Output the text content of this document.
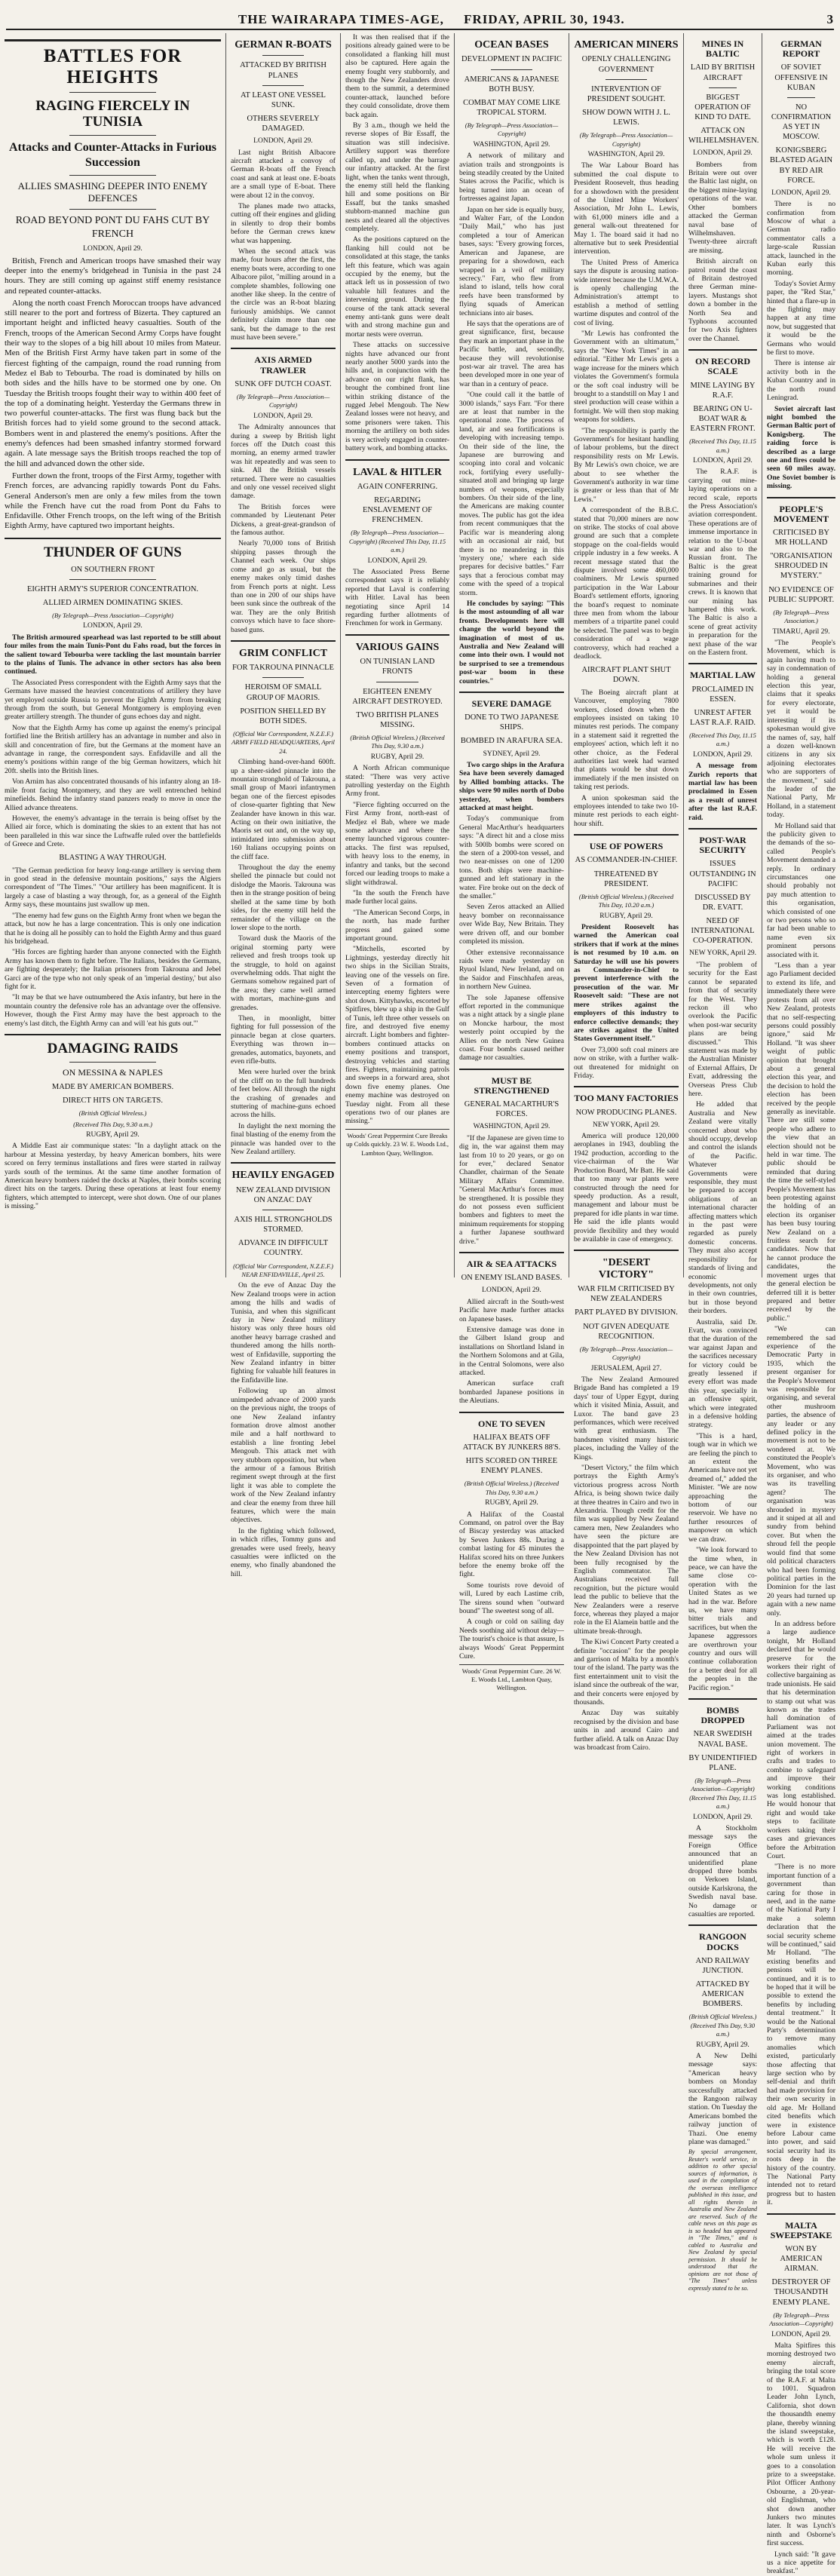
THE WAIRARAPA TIMES-AGE, FRIDAY, APRIL 30, 1943.	3
BATTLES FOR HEIGHTS
RAGING FIERCELY IN TUNISIA
Attacks and Counter-Attacks in Furious Succession
ALLIES SMASHING DEEPER INTO ENEMY DEFENCES
ROAD BEYOND PONT DU FAHS CUT BY FRENCH
LONDON, April 29.

British, French and American troops have smashed their way deeper into the enemy's bridgehead in Tunisia in the past 24 hours. They are still coming up against stiff enemy resistance and repeated counter-attacks.

Along the north coast French Moroccan troops have advanced still nearer to the port and fortress of Bizerta. They captured an important height and inflicted heavy casualties. South of the French, troops of the American Second Army Corps have fought their way to the slopes of a big hill about 10 miles from Mateur. Men of the British First Army have taken part in some of the fiercest fighting of the campaign, round the road running from Medez el Bab to Tebourba. The road is dominated by hills on both sides and the hills have to be stormed one by one. On Tuesday the British troops fought their way to within 400 feet of the top of a dominating height. Yesterday the Germans threw in two powerful counter-attacks. The first was flung back but the British forces had to yield some ground to the second attack. Bombers went in and plastered the enemy's positions. After the enemy's defences had been smashed infantry stormed forward again. A late message says the British troops reached the top of the hill and advanced down the other side.

Further down the front, troops of the First Army, together with French forces, are advancing rapidly towards Pont du Fahs. General Anderson's men are only a few miles from the town while the French have cut the road from Pont du Fahs to Enfidaville. Other French troops, on the left wing of the British Eighth Army, have captured two important heights.

THUNDER OF GUNS
ON SOUTHERN FRONT
EIGHTH ARMY'S SUPERIOR CONCENTRATION.
ALLIED AIRMEN DOMINATING SKIES.
(By Telegraph—Press Association—Copyright)
LONDON, April 29.

The British armoured spearhead was last reported to be still about four miles from the main Tunis-Pont du Fahs road, but the forces in the salient toward Tebourba were tackling the last mountain barrier to the plains of Tunis. The advance in other sectors has also been continued.

The Associated Press correspondent with the Eighth Army says that the Germans have massed the heaviest concentrations of artillery they have yet employed outside Russia to prevent the Eighth Army from breaking through from the south, but General Montgomery is employing even greater artillery strength. The thunder of guns echoes day and night.

Now that the Eighth Army has come up against the enemy's principal fortified line the British artillery has an advantage in number and also in skill and concentration of fire, but the Germans at the moment have an advantage in range, the correspondent says. Enfidaville and all the enemy's positions within range of the big German howitzers, which hit 20ft. shells into the British lines.

Von Arnim has also concentrated thousands of his infantry along an 18-mile front facing Montgomery, and they are well entrenched behind minefields. Behind the infantry stand panzers ready to move in once the Allied advance threatens.

However, the enemy's advantage in the terrain is being offset by the Allied air force, which is dominating the skies to an extent that has not been paralleled in this war since the Luftwaffe ruled over the battlefields of Greece and Crete.

BLASTING A WAY THROUGH.

"The German prediction for heavy long-range artillery is serving them in good stead in the defensive mountain positions," says the Algiers correspondent of "The Times." "Our artillery has been magnificent. It is largely a case of blasting a way through, for, as a general of the Eighth Army says, these mountains just swallow up men.

"The enemy had few guns on the Eighth Army front when we began the attack, but now he has a large concentration. This is only one indication that he is doing all he possibly can to hold the Eighth Army and thus guard his bridgehead.

"His forces are fighting harder than anyone connected with the Eighth Army has known them to fight before. The Italians, besides the Germans, are fighting desperately; the Italian prisoners from Takrouna and Jebel Garci are of the type who not only speak of an 'imperial destiny,' but also fight for it.

"It may be that we have outnumbered the Axis infantry, but here in the mountain country the defensive role has an advantage over the offensive. However, though the First Army may have the best approach to the enemy's last ditch, the Eighth Army can and will 'eat his guts out.'"

DAMAGING RAIDS
ON MESSINA & NAPLES
MADE BY AMERICAN BOMBERS.
DIRECT HITS ON TARGETS.
(British Official Wireless.)
(Received This Day, 9.30 a.m.)
RUGBY, April 29.

A Middle East air communique states: "In a daylight attack on the harbour at Messina yesterday, by heavy American bombers, hits were scored on ferry terminus installations and fires were started in railway yards south of the terminus. At the same time another formation of American heavy bombers raided the docks at Naples, their bombs scoring direct hits on the targets. During these operations at least four enemy fighters, which attempted to intercept, were shot down. One of our planes is missing."

GERMAN R-BOATS
ATTACKED BY BRITISH PLANES
AT LEAST ONE VESSEL SUNK.
OTHERS SEVERELY DAMAGED.
LONDON, April 29.

Last night British Albacore aircraft attacked a convoy of German R-boats off the French coast and sank at least one. E-boats are a small type of E-boat. There were about 12 in the convoy.

The planes made two attacks, cutting off their engines and gliding in silently to drop their bombs before the German crews knew what was happening.

When the second attack was made, four hours after the first, the enemy boats were, according to one Albacore pilot, "milling around in a complete shambles, following one another like sheep. In the centre of the circle was an R-boat blazing furiously amidships. We cannot definitely claim more than one sank, but the damage to the rest must have been severe."

AXIS ARMED TRAWLER
SUNK OFF DUTCH COAST.
(By Telegraph—Press Association—Copyright)
LONDON, April 29.

The Admiralty announces that during a sweep by British light forces off the Dutch coast this morning, an enemy armed trawler was hit repeatedly and was seen to sink. All the British vessels returned. There were no casualties and only one vessel received slight damage.

The British forces were commanded by Lieutenant Peter Dickens, a great-great-grandson of the famous author.

Nearly 70,000 tons of British shipping passes through the Channel each week. Our ships come and go as usual, but the enemy makes only timid dashes from French ports at night. Less than one in 200 of our ships have been sunk since the outbreak of the war. They are the only British convoys which have to face shore-based guns.

GRIM CONFLICT
FOR TAKROUNA PINNACLE
HEROISM OF SMALL GROUP OF MAORIS.
POSITION SHELLED BY BOTH SIDES.
(Official War Correspondent, N.Z.E.F.) ARMY FIELD HEADQUARTERS, April 24.

Climbing hand-over-hand 600ft. up a sheer-sided pinnacle into the mountain stronghold of Takrouna, a small group of Maori infantrymen began one of the fiercest episodes of close-quarter fighting that New Zealander have known in this war. Acting on their own initiative, the Maoris set out and, on the way up, intimidated into submission about 160 Italians occupying points on the cliff face.

Throughout the day the enemy shelled the pinnacle but could not dislodge the Maoris. Takrouna was then in the strange position of being shelled at the same time by both sides, for the enemy still held the remainder of the village on the lower slope to the north.

Toward dusk the Maoris of the original storming party were relieved and fresh troops took up the struggle, to hold on against overwhelming odds. That night the Germans somehow regained part of the area; they came well armed with mortars, machine-guns and grenades.

Then, in moonlight, bitter fighting for full possession of the pinnacle began at close quarters. Everything was thrown in—grenades, automatics, bayonets, and even rifle-butts.

Men were hurled over the brink of the cliff on to the full hundreds of feet below. All through the night the crashing of grenades and stuttering of machine-guns echoed across the hills.

In daylight the next morning the final blasting of the enemy from the pinnacle was handed over to the New Zealand artillery.

HEAVILY ENGAGED
NEW ZEALAND DIVISION ON ANZAC DAY
AXIS HILL STRONGHOLDS STORMED.
ADVANCE IN DIFFICULT COUNTRY.
(Official War Correspondent, N.Z.E.F.) NEAR ENFIDAVILLE, April 25.

On the eve of Anzac Day the New Zealand troops were in action among the hills and wadis of Tunisia, and when this significant day in New Zealand military history was only three hours old another heavy barrage crashed and thundered among the hills north-west of Enfidaville, supporting the New Zealand infantry in bitter fighting for valuable hill features in the Enfidaville line.

Following up an almost unimpeded advance of 2000 yards on the previous night, the troops of one New Zealand infantry formation drove almost another mile and a half northward to establish a line fronting Jebel Mengoub. This attack met with very stubborn opposition, but when the armour of a famous British regiment swept through at the first light it was able to complete the work of the New Zealand infantry and clear the enemy from three hill features, which were the main objectives.

In the fighting which followed, in which rifles, Tommy guns and grenades were used freely, heavy casualties were inflicted on the enemy, who finally abandoned the hill.

It was then realised that if the positions already gained were to be consolidated a flanking hill must also be captured. Here again the enemy fought very stubbornly, and though the New Zealanders drove them to the summit, a determined counter-attack, launched before they could consolidate, drove them back again.

By 3 a.m., though we held the reverse slopes of Bir Essaff, the situation was still indecisive. Artillery support was therefore called up, and under the barrage our infantry attacked. At the first light, when the tanks went through, the enemy still held the flanking hill and some positions on Bir Essaff, but the tanks smashed stubborn-manned machine gun nests and cleared all the objectives completely.

As the positions captured on the flanking hill could not be consolidated at this stage, the tanks left this feature, which was again occupied by the enemy, but the attack left us in possession of two valuable hill features and the intervening ground. During the course of the tank attack several enemy anti-tank guns were dealt with and strong machine gun and mortar nests were overrun.

These attacks on successive nights have advanced our front nearly another 5000 yards into the hills and, in conjunction with the advance on our right flank, has brought the combined front line within striking distance of the rugged Jebel Mengoub. The New Zealand losses were not heavy, and some prisoners were taken. This morning the artillery on both sides is very actively engaged in counter-battery work, and bombing attacks.

LAVAL & HITLER
AGAIN CONFERRING.
REGARDING ENSLAVEMENT OF FRENCHMEN.
(By Telegraph—Press Association—Copyright) (Received This Day, 11.15 a.m.)
LONDON, April 29.

The Associated Press Berne correspondent says it is reliably reported that Laval is conferring with Hitler. Laval has been negotiating since April 14 regarding further allotments of Frenchmen for work in Germany.

VARIOUS GAINS
ON TUNISIAN LAND FRONTS
EIGHTEEN ENEMY AIRCRAFT DESTROYED.
TWO BRITISH PLANES MISSING.
(British Official Wireless.) (Received This Day, 9.30 a.m.)
RUGBY, April 29.

A North African communique stated: "There was very active patrolling yesterday on the Eighth Army front.

"Fierce fighting occurred on the First Army front, north-east of Medjez el Bab, where we made some advance and where the enemy launched vigorous counter-attacks. The first was repulsed, with heavy loss to the enemy, in infantry and tanks, but the second forced our leading troops to make a slight withdrawal.

"In the south the French have made further local gains.

"The American Second Corps, in the north, has made further progress and gained some important ground.

"Mitchells, escorted by Lightnings, yesterday directly hit two ships in the Sicilian Straits, leaving one of the vessels on fire. Seven of a formation of intercepting enemy fighters were shot down. Kittyhawks, escorted by Spitfires, blew up a ship in the Gulf of Tunis, left three other vessels on fire, and destroyed five enemy aircraft. Light bombers and fighter-bombers continued attacks on enemy positions and transport, destroying vehicles and starting fires. Fighters, maintaining patrols and sweeps in a forward area, shot down five enemy planes. One enemy machine was destroyed on Tuesday night. From all these operations two of our planes are missing."

Woods' Great Peppermint Cure Breaks up Colds quickly. 23 W. E. Woods Ltd., Lambton Quay, Wellington.
OCEAN BASES
DEVELOPMENT IN PACIFIC
AMERICANS & JAPANESE BOTH BUSY.
COMBAT MAY COME LIKE TROPICAL STORM.
(By Telegraph—Press Association—Copyright)
WASHINGTON, April 29.

A network of military and aviation trails and strongpoints is being steadily created by the United States across the Pacific, which is being turned into an ocean of fortresses against Japan.

Japan on her side is equally busy, and Walter Farr, of the London "Daily Mail," who has just completed a tour of American bases, says: "Every growing forces, American and Japanese, are preparing for a showdown, each wrapped in a veil of military secrecy." Farr, who flew from island to island, tells how coral reefs have been transformed by flying squads of American technicians into air bases.

He says that the operations are of great significance, first, because they mark an important phase in the Pacific battle, and, secondly, because they will revolutionise post-war air travel. The area has been developed more in one year of war than in a century of peace.

"One could call it the battle of 3000 islands," says Farr. "For there are at least that number in the operational zone. The process of land, air and sea fortifications is developing with increasing tempo. On their side of the line, the Japanese are burrowing and scooping into coral and volcanic rock, fortifying every usefully-situated atoll and bringing up large numbers of weapons, especially bombers. On their side of the line, the Americans are making counter moves. The public has got the idea from recent communiques that the Pacific war is meandering along with an occasional air raid, but there is no meandering in this 'mystery one,' where each side prepares for decisive battles." Farr says that a ferocious combat may come with the speed of a tropical storm.

He concludes by saying: "This is the most astounding of all war fronts. Developments here will change the world beyond the imagination of most of us. Australia and New Zealand will come into their own. I would not be surprised to see a tremendous post-war boom in these countries."

SEVERE DAMAGE
DONE TO TWO JAPANESE SHIPS.
BOMBED IN ARAFURA SEA.
SYDNEY, April 29.

Two cargo ships in the Arafura Sea have been severely damaged by Allied bombing attacks. The ships were 90 miles north of Dobo yesterday, when bombers attacked at mast height.

Today's communique from General MacArthur's headquarters says: "A direct hit and a close miss with 500lb bombs were scored on the stern of a 2000-ton vessel, and two near-misses on one of 1200 tons. Both ships were machine-gunned and left stationary in the water. Fire broke out on the deck of the smaller."

Seven Zeros attacked an Allied heavy bomber on reconnaissance over Wide Bay, New Britain. They were driven off, and our bomber completed its mission.

Other extensive reconnaissance raids were made yesterday on Ryuol Island, New Ireland, and on the Saidor and Finschhafen areas, in northern New Guinea.

The sole Japanese offensive effort reported in the communique was a night attack by a single plane on Moncke harbour, the most westerly point occupied by the Allies on the north New Guinea coast. Four bombs caused neither damage nor casualties.

MUST BE STRENGTHENED
GENERAL MACARTHUR'S FORCES.
WASHINGTON, April 29.

"If the Japanese are given time to dig in, the war against them may last from 10 to 20 years, or go on for ever," declared Senator Chandler, chairman of the Senate Military Affairs Committee. "General MacArthur's forces must be strengthened. It is possible they do not possess even sufficient bombers and fighters to meet the minimum requirements for stopping a further Japanese southward drive."

AIR & SEA ATTACKS
ON ENEMY ISLAND BASES.
LONDON, April 29.

Allied aircraft in the South-west Pacific have made further attacks on Japanese bases.

Extensive damage was done in the Gilbert Island group and installations on Shortland Island in the Northern Solomons and at Gila, in the Central Solomons, were also attacked.

American surface craft bombarded Japanese positions in the Aleutians.

ONE TO SEVEN
HALIFAX BEATS OFF ATTACK BY JUNKERS 88'S.
HITS SCORED ON THREE ENEMY PLANES.
(British Official Wireless.) (Received This Day, 9.30 a.m.)
RUGBY, April 29.

A Halifax of the Coastal Command, on patrol over the Bay of Biscay yesterday was attacked by Seven Junkers 88s. During a combat lasting for 45 minutes the Halifax scored hits on three Junkers before the enemy broke off the fight.

Some tourists rove devoid of will, Lured by each Lastime crib, The sirens sound when "outward bound" The sweetest song of all.

A cough or cold on sailing day Needs soothing aid without delay— The tourist's choice is that assure, Is always Woods' Great Peppermint Cure.

Woods' Great Peppermint Cure. 26 W. E. Woods Ltd., Lambton Quay, Wellington.
AMERICAN MINERS
OPENLY CHALLENGING GOVERNMENT
INTERVENTION OF PRESIDENT SOUGHT.
SHOW DOWN WITH J. L. LEWIS.
(By Telegraph—Press Association—Copyright)
WASHINGTON, April 29.

The War Labour Board has submitted the coal dispute to President Roosevelt, thus heading for a showdown with the president of the United Mine Workers' Association, Mr John L. Lewis, with 61,000 miners idle and a general walk-out threatened for May 1. The board said it had no alternative but to seek Presidential intervention.

The United Press of America says the dispute is arousing nation-wide interest because the U.M.W.A. is openly challenging the Administration's attempt to establish a method of settling wartime disputes and control of the cost of living.

"Mr Lewis has confronted the Government with an ultimatum," says the "New York Times" in an editorial. "Either Mr Lewis gets a wage increase for the miners which violates the Government's formula or the soft coal industry will be brought to a standstill on May 1 and steel production will cease within a fortnight. We will then stop making weapons for soldiers.

"The responsibility is partly the Government's for hesitant handling of labour problems, but the direct responsibility rests on Mr Lewis. By Mr Lewis's own choice, we are about to see whether the Government's authority in war time is greater or less than that of Mr Lewis."

A correspondent of the B.B.C. stated that 70,000 miners are now on strike. The stocks of coal above ground are such that a complete stoppage on the coal-fields would cripple industry in a few weeks. A recent message stated that the dispute involved some 460,000 coalminers. Mr Lewis spurned participation in the War Labour Board's settlement efforts, ignoring the board's request to nominate three men from whom the labour members of a tripartite panel could be selected. The panel was to begin consideration of a wage controversy, which had reached a deadlock.

AIRCRAFT PLANT SHUT DOWN.

The Boeing aircraft plant at Vancouver, employing 7800 workers, closed down when the employees insisted on taking 10 minutes rest periods. The company in a statement said it regretted the employees' action, which left it no other choice, as the Federal authorities last week had warned that plants would be shut down immediately if the men insisted on taking rest periods.

A union spokesman said the employees intended to take two 10-minute rest periods to each eight-hour shift.

USE OF POWERS
AS COMMANDER-IN-CHIEF.
THREATENED BY PRESIDENT.
(British Official Wireless.) (Received This Day, 10.20 a.m.)
RUGBY, April 29.

President Roosevelt has warned the American coal strikers that if work at the mines is not resumed by 10 a.m. on Saturday he will use his powers as Commander-in-Chief to prevent interference with the prosecution of the war. Mr Roosevelt said: "These are not mere strikes against the employers of this industry to enforce collective demands; they are strikes against the United States Government itself."

Over 73,000 soft coal miners are now on strike, with a further walk-out threatened for midnight on Friday.

TOO MANY FACTORIES
NOW PRODUCING PLANES.
NEW YORK, April 29.

America will produce 120,000 aeroplanes in 1943, doubling the 1942 production, according to the vice-chairman of the War Production Board, Mr Batt. He said that too many war plants were constructed through the need for speedy production. As a result, management and labour must be prepared for idle plants in war time. He said the idle plants would provide flexibility and they would be available in case of emergency.

"DESERT VICTORY"
WAR FILM CRITICISED BY NEW ZEALANDERS
PART PLAYED BY DIVISION.
NOT GIVEN ADEQUATE RECOGNITION.
(By Telegraph—Press Association—Copyright)
JERUSALEM, April 27.

The New Zealand Armoured Brigade Band has completed a 19 days' tour of Upper Egypt, during which it visited Minia, Assuit, and Luxor. The band gave 23 performances, which were received with great enthusiasm. The bandsmen visited many historic places, including the Valley of the Kings.

"Desert Victory," the film which portrays the Eighth Army's victorious progress across North Africa, is being shown twice daily at three theatres in Cairo and two in Alexandria. Though credit for the film was supplied by New Zealand camera men, New Zealanders who have seen the picture are disappointed that the part played by the New Zealand Division has not been fully recognised by the English commentator. The Australians received full recognition, but the picture would lead the public to believe that the New Zealanders were a reserve force, whereas they played a major role in the El Alamein battle and the ultimate break-through.

The Kiwi Concert Party created a definite "occasion" for the people and garrison of Malta by a month's tour of the island. The party was the first entertainment unit to visit the island since the outbreak of the war, and their concerts were enjoyed by thousands.

Anzac Day was suitably recognised by the division and base units in and around Cairo and further afield. A talk on Anzac Day was broadcast from Cairo.

MINES IN BALTIC
LAID BY BRITISH AIRCRAFT
BIGGEST OPERATION OF KIND TO DATE.
ATTACK ON WILHELMSHAVEN.
LONDON, April 29.

Bombers from Britain were out over the Baltic last night, on the biggest mine-laying operations of the war. Other bombers attacked the German naval base of Wilhelmshaven. Twenty-three aircraft are missing.

British aircraft on patrol round the coast of Britain destroyed three German mine-layers. Mustangs shot down a bomber in the North Sea and Typhoons accounted for two Axis fighters over the Channel.

ON RECORD SCALE
MINE LAYING BY R.A.F.
BEARING ON U-BOAT WAR & EASTERN FRONT.
(Received This Day, 11.15 a.m.)
LONDON, April 29.

The R.A.F. is carrying out mine-laying operations on a record scale, reports the Press Association's aviation correspondent. These operations are of immense importance in relation to the U-boat war and also to the Russian front. The Baltic is the great training ground for submarines and their crews. It is known that our mining has hampered this work. The Baltic is also a scene of great activity in preparation for the next phase of the war on the Eastern front.

MARTIAL LAW
PROCLAIMED IN ESSEN.
UNREST AFTER LAST R.A.F. RAID.
(Received This Day, 11.15 a.m.)
LONDON, April 29.

A message from Zurich reports that martial law has been proclaimed in Essen as a result of unrest after the last R.A.F. raid.

POST-WAR SECURITY
ISSUES OUTSTANDING IN PACIFIC
DISCUSSED BY DR. EVATT.
NEED OF INTERNATIONAL CO-OPERATION.
NEW YORK, April 29.

"The problem of security for the East cannot be separated from that of security for the West. They reckon ill who overlook the Pacific when post-war security plans are being discussed." This statement was made by the Australian Minister of External Affairs, Dr Evatt, addressing the Overseas Press Club here.

He added that Australia and New Zealand were vitally concerned about who should occupy, develop and control the islands of the Pacific. Whatever Governments were responsible, they must be prepared to accept obligations of an international character affecting matters which in the past were regarded as purely domestic concerns. They must also accept responsibility for standards of living and economic developments, not only in their own countries, but in those beyond their borders.

Australia, said Dr. Evatt, was convinced that the duration of the war against Japan and the sacrifices necessary for victory could be greatly lessened if every effort was made this year, specially in an offensive spirit, which were integrated in a defensive holding strategy.

"This is a hard, tough war in which we are feeling the pinch to an extent the Americans have not yet dreamed of," added the Minister. "We are now approaching the bottom of our reservoir. We have no further resources of manpower on which we can draw.

"We look forward to the time when, in peace, we can have the same close co-operation with the United States as we had in the war. Before us, we have many bitter trials and sacrifices, but when the Japanese aggressors are overthrown your country and ours will continue collaboration for a better deal for all the peoples in the Pacific region."

BOMBS DROPPED
NEAR SWEDISH NAVAL BASE.
BY UNIDENTIFIED PLANE.
(By Telegraph—Press Association—Copyright) (Received This Day, 11.15 a.m.)
LONDON, April 29.

A Stockholm message says the Foreign Office announced that an unidentified plane dropped three bombs on Verkoen Island, outside Karlskrona, the Swedish naval base. No damage or casualties are reported.

RANGOON DOCKS
AND RAILWAY JUNCTION.
ATTACKED BY AMERICAN BOMBERS.
(British Official Wireless.) (Received This Day, 9.30 a.m.)
RUGBY, April 29.

A New Delhi message says: "American heavy bombers on Monday successfully attacked the Rangoon railway station. On Tuesday the Americans bombed the railway junction of Thazi. One enemy plane was damaged."

By special arrangement, Reuter's world service, in addition to other special sources of information, is used in the compilation of the overseas intelligence published in this issue, and all rights therein in Australia and New Zealand are reserved. Such of the cable news on this page as is so headed has appeared in "The Times," and is cabled to Australia and New Zealand by special permission. It should be understood that the opinions are not those of "The Times" unless expressly stated to be so.
GERMAN REPORT
OF SOVIET OFFENSIVE IN KUBAN
NO CONFIRMATION AS YET IN MOSCOW.
KONIGSBERG BLASTED AGAIN BY RED AIR FORCE.
LONDON, April 29.

There is no confirmation from Moscow of what a German radio commentator calls a large-scale Russian attack, launched in the Kuban early this morning.

Today's Soviet Army paper, the "Red Star," hinted that a flare-up in the fighting may happen at any time now, but suggested that it would be the Germans who would be first to move.

There is intense air activity both in the Kuban Country and in the north round Leningrad.

Soviet aircraft last night bombed the German Baltic port of Konigsberg. The raiding force is described as a large one and fires could be seen 60 miles away. One Soviet bomber is missing.

PEOPLE'S MOVEMENT
CRITICISED BY MR HOLLAND
"ORGANISATION SHROUDED IN MYSTERY."
NO EVIDENCE OF PUBLIC SUPPORT.
(By Telegraph—Press Association.)
TIMARU, April 29.

"The People's Movement, which is again having much to say in condemnation of holding a general election this year, claims that it speaks for every electorate, yet it would be interesting if its spokesman would give the names of, say, half a dozen well-known citizens in any six adjoining electorates who are supporters of the movement," said the leader of the National Party, Mr Holland, in a statement today.

Mr Holland said that the publicity given to the demands of the so-called People's Movement demanded a reply. In ordinary circumstances one should probably not pay much attention to this organisation, which consisted of one or two persons who so far had been unable to name even six prominent persons associated with it.

"Less than a year ago Parliament decided to extend its life, and immediately there were protests from all over New Zealand, protests that no self-respecting persons could possibly ignore," said Mr Holland. "It was sheer weight of public opinion that brought about a general election this year, and the decision to hold the election has been received by the people generally as inevitable. There are still some people who adhere to the view that an election should not be held in war time. The public should be reminded that during the time the self-styled People's Movement has been protesting against the holding of an election its organiser has been busy touring New Zealand on a fruitless search for candidates. Now that he cannot produce the candidates, the movement urges that the general election be deferred till it is better prepared and better received by the public."

"We can remembered the sad experience of the Democratic Party in 1935, which the present organiser for the People's Movement was responsible for organising, and several other mushroom parties, the absence of any leader or any defined policy in the movement is not to be wondered at. We constituted the People's Movement, who was its organiser, and who was its travelling agent? The organisation was shrouded in mystery and it sniped at all and sundry from behind cover. But when the shroud fell the people would find that some old political characters who had been forming political parties in the Dominion for the last 20 years had turned up again with a new name only.

In an address before a large audience tonight, Mr Holland declared that he would preserve for the workers their right of collective bargaining as trade unionists. He said that his determination to stamp out what was known as the trades hall domination of Parliament was not aimed at the trades union movement. The right of workers in crafts and trades to combine to safeguard and improve their working conditions was long established. He would honour that right and would take steps to facilitate workers taking their cases and grievances before the Arbitration Court.

"There is no more important function of a government than caring for those in need, and in the name of the National Party I make a solemn declaration that the social security scheme will be continued," said Mr Holland. "The existing benefits and pensions will be continued, and it is to be hoped that it will be possible to extend the benefits by including dental treatment." It would be the National Party's determination to remove many anomalies which existed, particularly those affecting that large section who by self-denial and thrift had made provision for their own security in old age. Mr Holland cited benefits which were in existence before Labour came into power, and said social security had its roots deep in the history of the country. The National Party intended not to retard progress but to hasten it.

MALTA SWEEPSTAKE
WON BY AMERICAN AIRMAN.
DESTROYER OF THOUSANDTH ENEMY PLANE.
(By Telegraph—Press Association—Copyright)
LONDON, April 29.

Malta Spitfires this morning destroyed two enemy aircraft, bringing the total score of the R.A.F. at Malta to 1001. Squadron Leader John Lynch, California, shot down the thousandth enemy plane, thereby winning the island sweepstake, which is worth £128. He will receive the whole sum unless it goes to a consolation prize to a sweepstake. Pilot Officer Anthony Osbourne, a 20-year-old Englishman, who shot down another Junkers two minutes later. It was Lynch's ninth and Osborne's first success.

Lynch said: "It gave us a nice appetite for breakfast."
